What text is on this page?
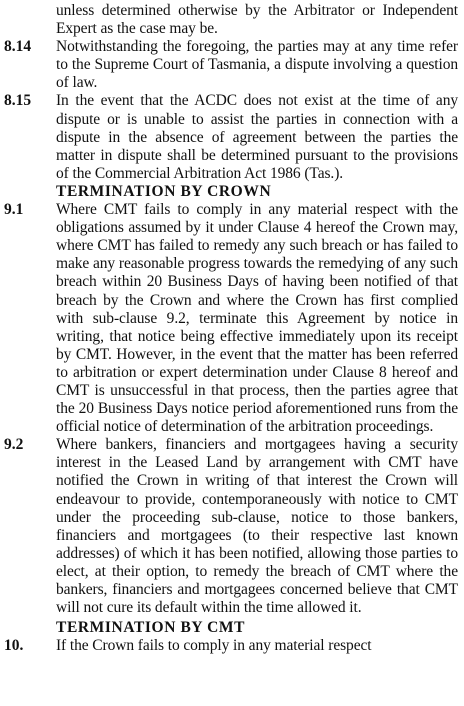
unless determined otherwise by the Arbitrator or Independent Expert as the case may be.
8.14	Notwithstanding the foregoing, the parties may at any time refer to the Supreme Court of Tasmania, a dispute involving a question of law.
8.15	In the event that the ACDC does not exist at the time of any dispute or is unable to assist the parties in connection with a dispute in the absence of agreement between the parties the matter in dispute shall be determined pursuant to the provisions of the Commercial Arbitration Act 1986 (Tas.).
TERMINATION BY CROWN
9.1	Where CMT fails to comply in any material respect with the obligations assumed by it under Clause 4 hereof the Crown may, where CMT has failed to remedy any such breach or has failed to make any reasonable progress towards the remedying of any such breach within 20 Business Days of having been notified of that breach by the Crown and where the Crown has first complied with sub-clause 9.2, terminate this Agreement by notice in writing, that notice being effective immediately upon its receipt by CMT. However, in the event that the matter has been referred to arbitration or expert determination under Clause 8 hereof and CMT is unsuccessful in that process, then the parties agree that the 20 Business Days notice period aforementioned runs from the official notice of determination of the arbitration proceedings.
9.2	Where bankers, financiers and mortgagees having a security interest in the Leased Land by arrangement with CMT have notified the Crown in writing of that interest the Crown will endeavour to provide, contemporaneously with notice to CMT under the proceeding sub-clause, notice to those bankers, financiers and mortgagees (to their respective last known addresses) of which it has been notified, allowing those parties to elect, at their option, to remedy the breach of CMT where the bankers, financiers and mortgagees concerned believe that CMT will not cure its default within the time allowed it.
TERMINATION BY CMT
10.	If the Crown fails to comply in any material respect
